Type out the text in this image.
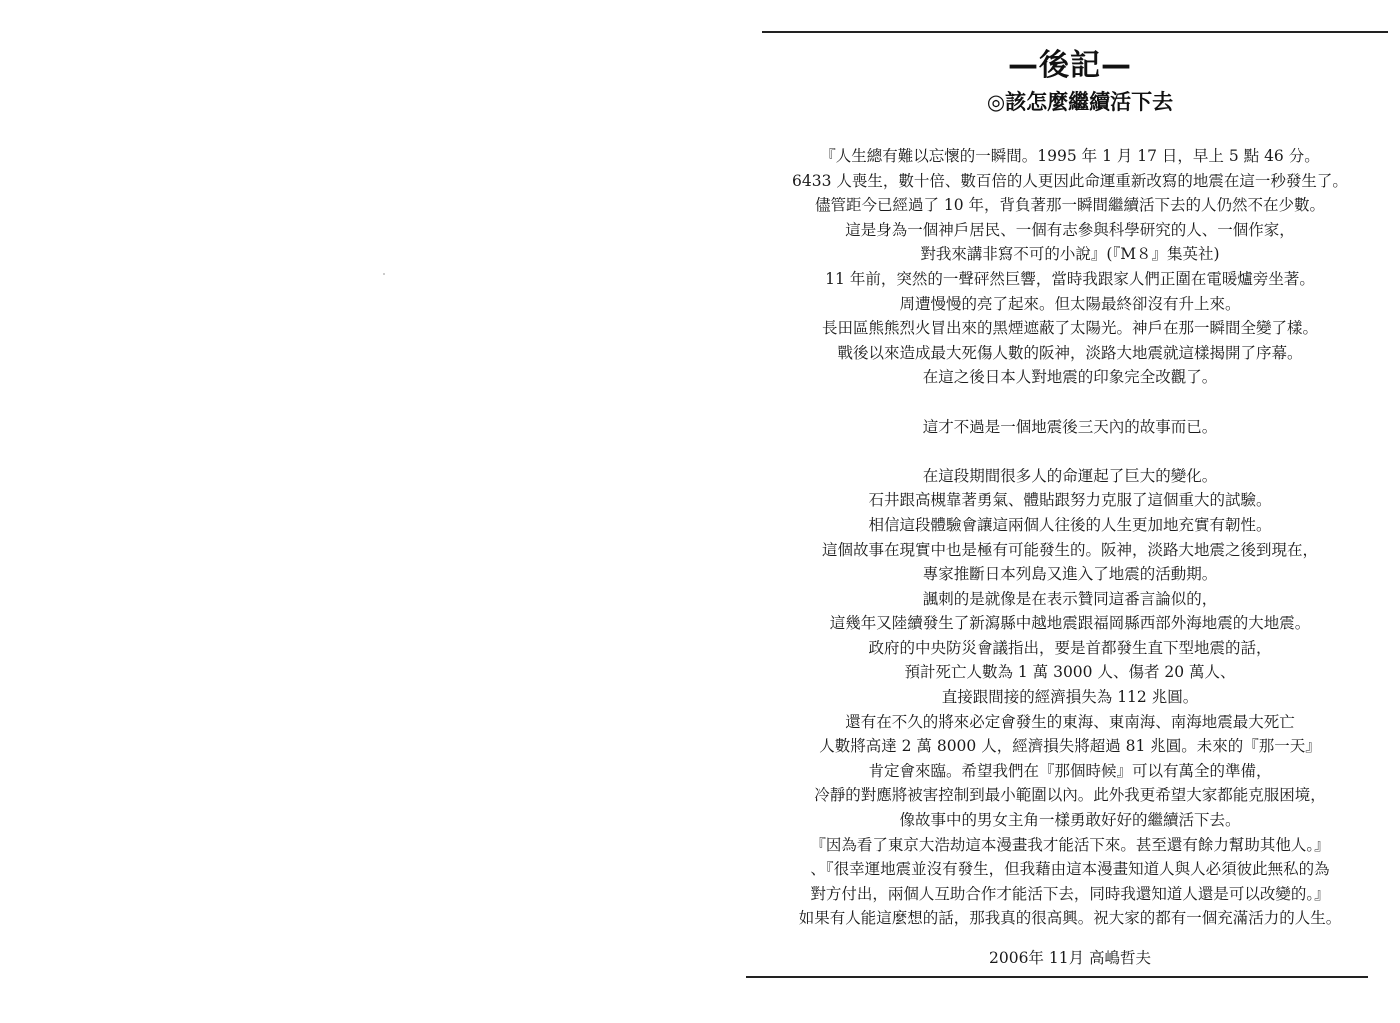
—後記—
◎該怎麼繼續活下去
『人生總有難以忘懷的一瞬間。1995 年 1 月 17 日，早上 5 點 46 分。
6433 人喪生，數十倍、數百倍的人更因此命運重新改寫的地震在這一秒發生了。
儘管距今已經過了 10 年，背負著那一瞬間繼續活下去的人仍然不在少數。
這是身為一個神戶居民、一個有志參與科學研究的人、一個作家，
對我來講非寫不可的小說』(『M８』集英社)
11 年前，突然的一聲砰然巨響，當時我跟家人們正圍在電暖爐旁坐著。
周遭慢慢的亮了起來。但太陽最終卻沒有升上來。
長田區熊熊烈火冒出來的黑煙遮蔽了太陽光。神戶在那一瞬間全變了樣。
戰後以來造成最大死傷人數的阪神，淡路大地震就這樣揭開了序幕。
在這之後日本人對地震的印象完全改觀了。
這才不過是一個地震後三天內的故事而已。
在這段期間很多人的命運起了巨大的變化。
石井跟高槻靠著勇氣、體貼跟努力克服了這個重大的試驗。
相信這段體驗會讓這兩個人往後的人生更加地充實有韌性。
這個故事在現實中也是極有可能發生的。阪神，淡路大地震之後到現在，
專家推斷日本列島又進入了地震的活動期。
諷刺的是就像是在表示贊同這番言論似的，
這幾年又陸續發生了新瀉縣中越地震跟福岡縣西部外海地震的大地震。
政府的中央防災會議指出，要是首都發生直下型地震的話，
預計死亡人數為 1 萬 3000 人、傷者 20 萬人、
直接跟間接的經濟損失為 112 兆圓。
還有在不久的將來必定會發生的東海、東南海、南海地震最大死亡
人數將高達 2 萬 8000 人，經濟損失將超過 81 兆圓。未來的『那一天』
肯定會來臨。希望我們在『那個時候』可以有萬全的準備，
冷靜的對應將被害控制到最小範圍以內。此外我更希望大家都能克服困境，
像故事中的男女主角一樣勇敢好好的繼續活下去。
『因為看了東京大浩劫這本漫畫我才能活下來。甚至還有餘力幫助其他人。』
、『很幸運地震並沒有發生，但我藉由這本漫畫知道人與人必須彼此無私的為
對方付出，兩個人互助合作才能活下去，同時我還知道人還是可以改變的。』
如果有人能這麼想的話，那我真的很高興。祝大家的都有一個充滿活力的人生。
2006年 11月 高嶋哲夫
